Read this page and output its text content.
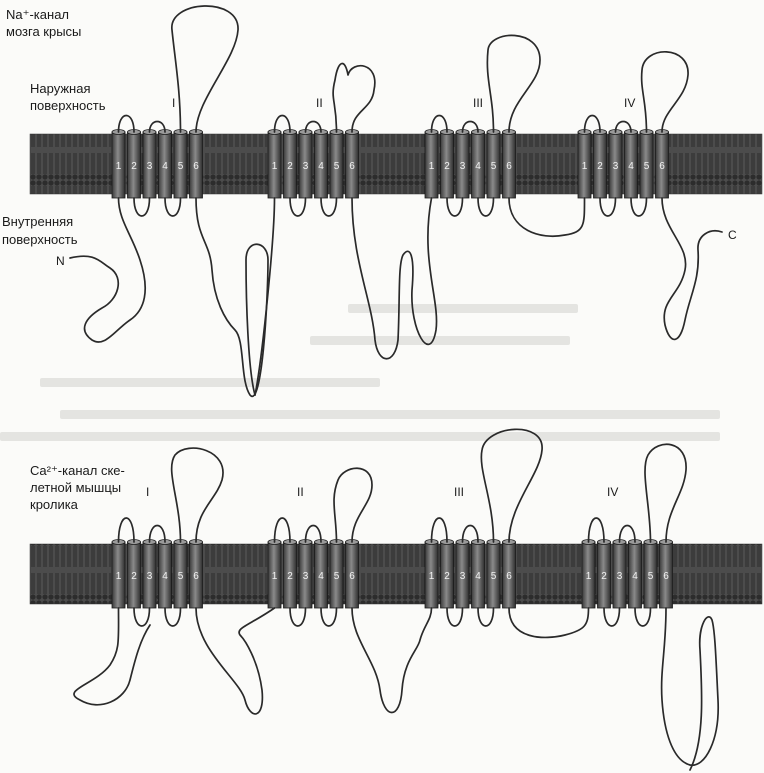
1 2 3 4 5 6	1 2 3 4 5 6	1 2 3 4 5 6	1 2 3 4 5 6
1 2 3 4 5 6	1 2 3 4 5 6	1 2 3 4 5 6	1 2 3 4 5 6
Na⁺-канал
мозга крысы
Наружная
поверхность
Внутренняя
поверхность
N
C
I	II	III	IV
Ca²⁺-канал ске-
летной мышцы
кролика
I	II	III	IV
